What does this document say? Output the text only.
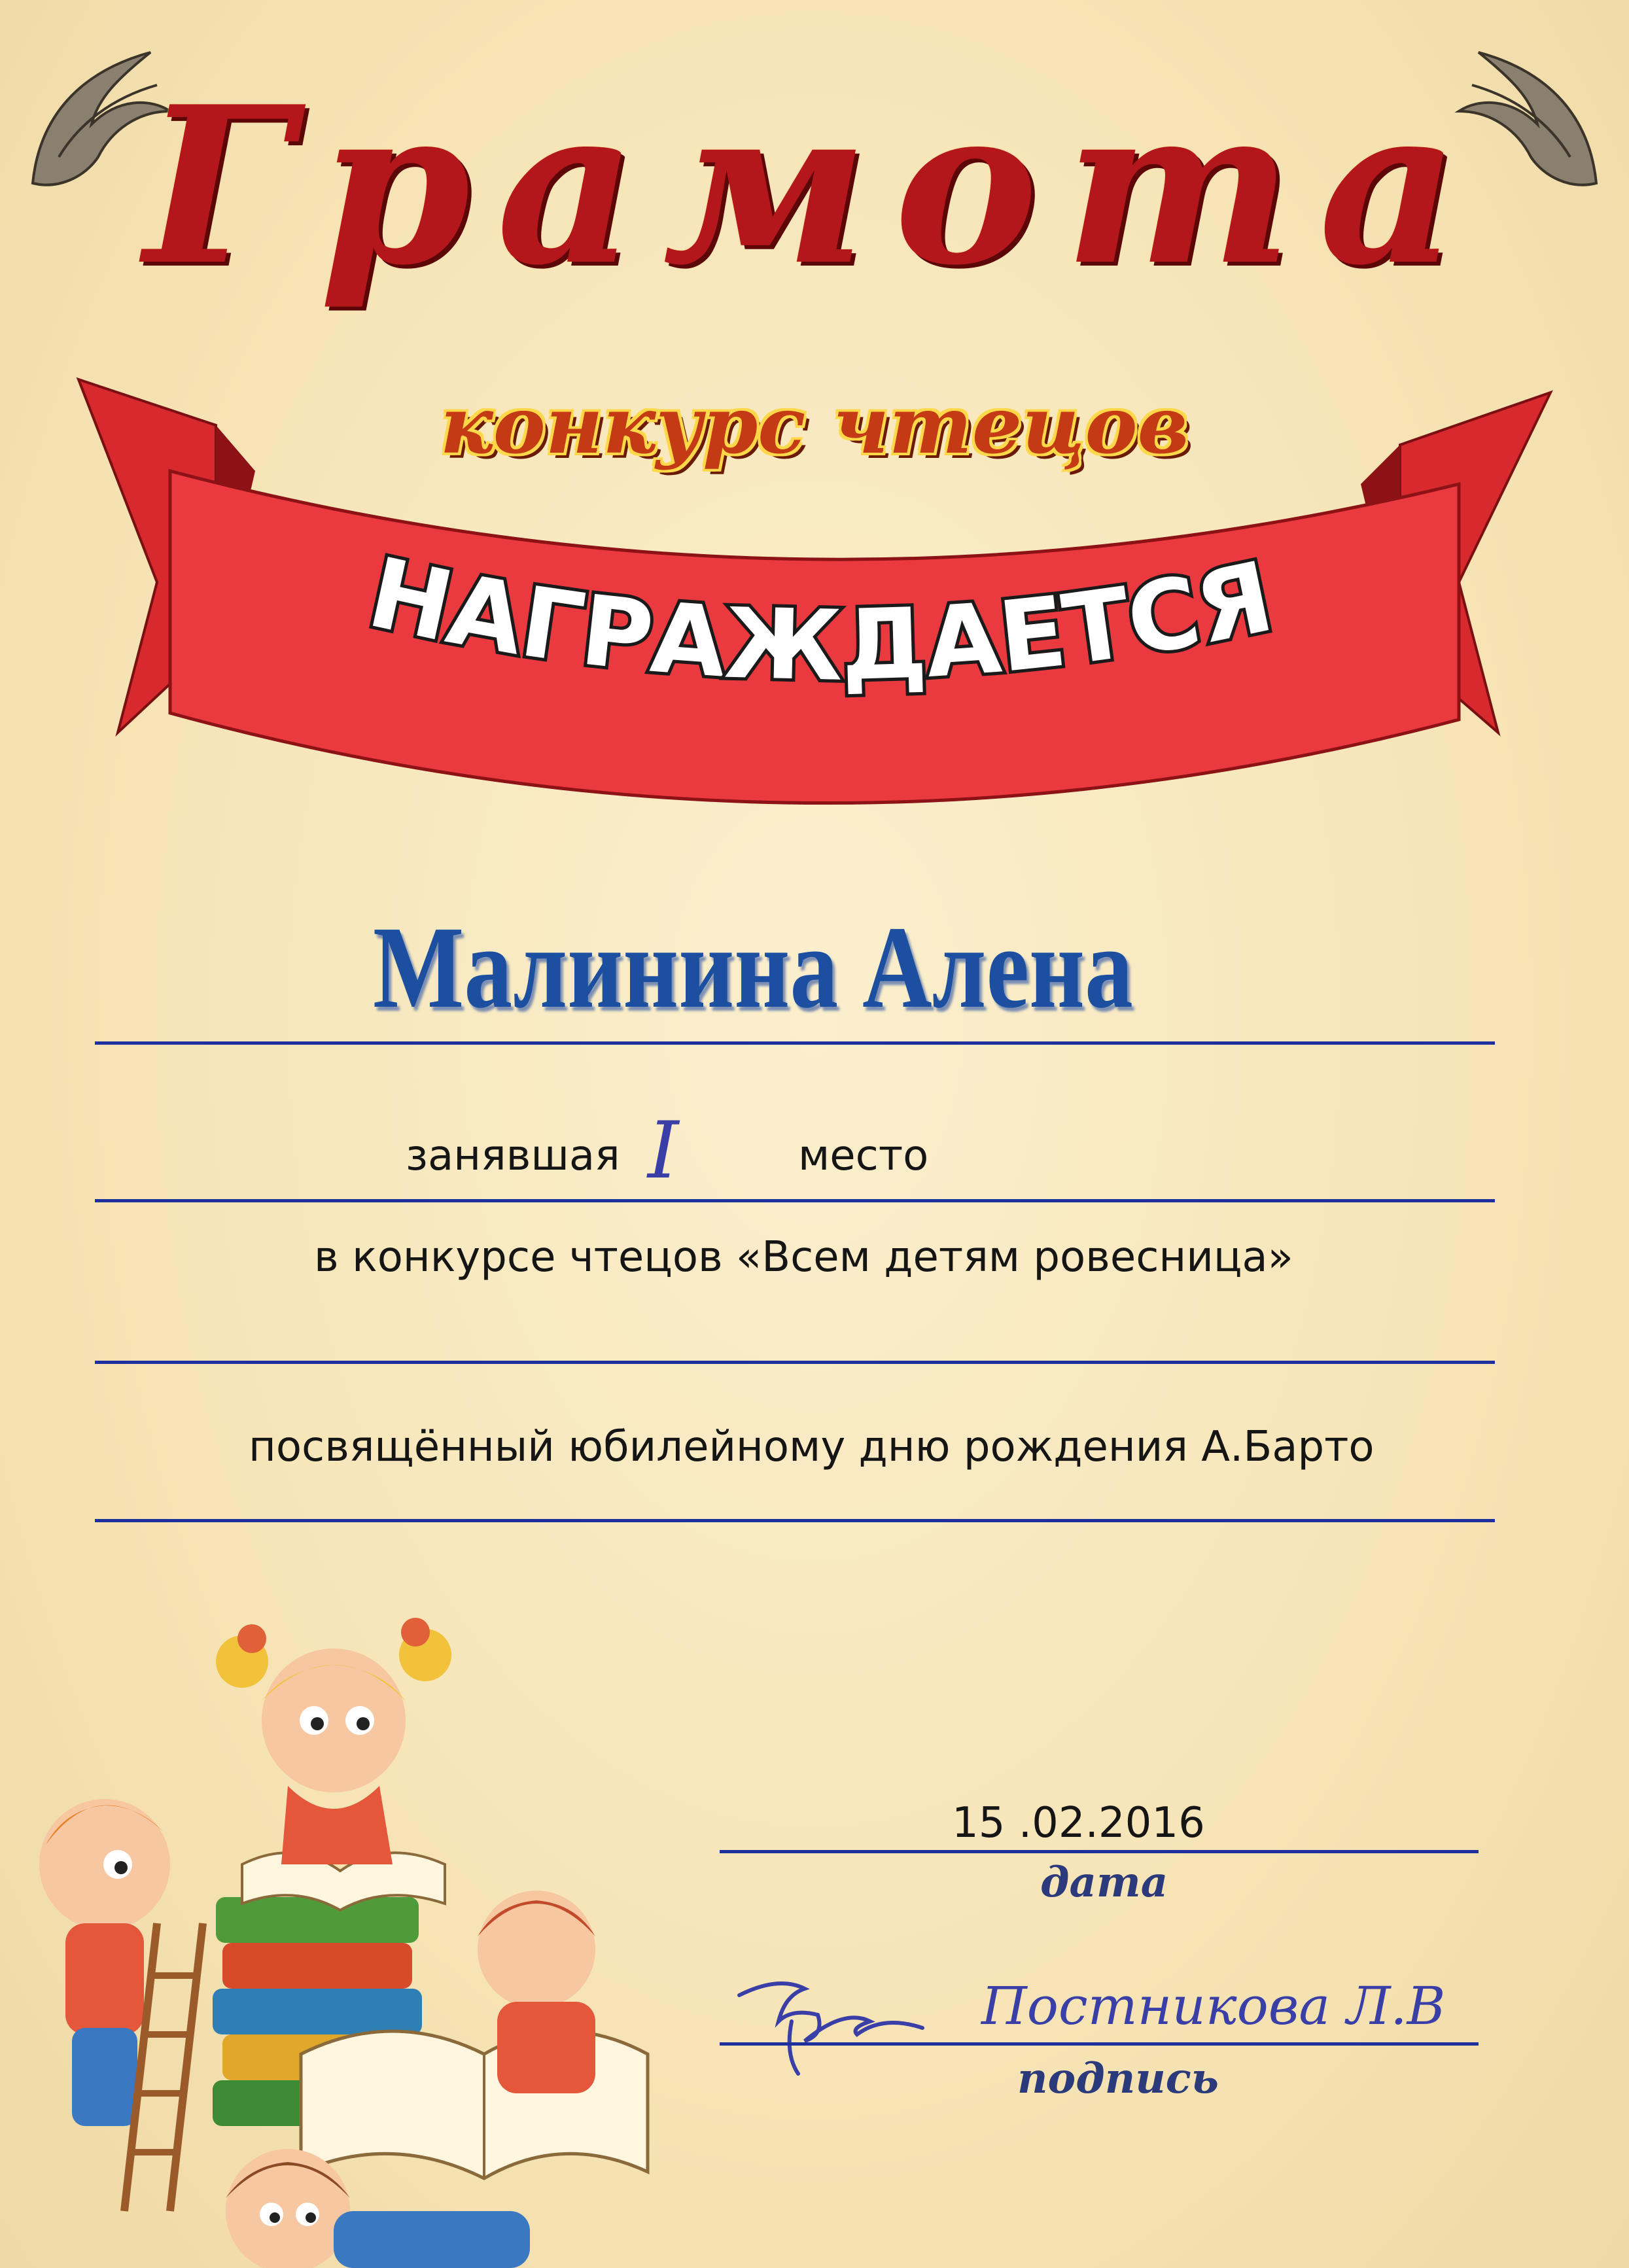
Грамота
НАГРАЖДАЕТСЯ
конкурс чтецов
Малинина Алена
занявшая I	место
в конкурсе чтецов «Всем детям ровесница»
посвящённый юбилейному дню рождения А.Барто
15 .02.2016
дата
Постникова Л.В
подпись
